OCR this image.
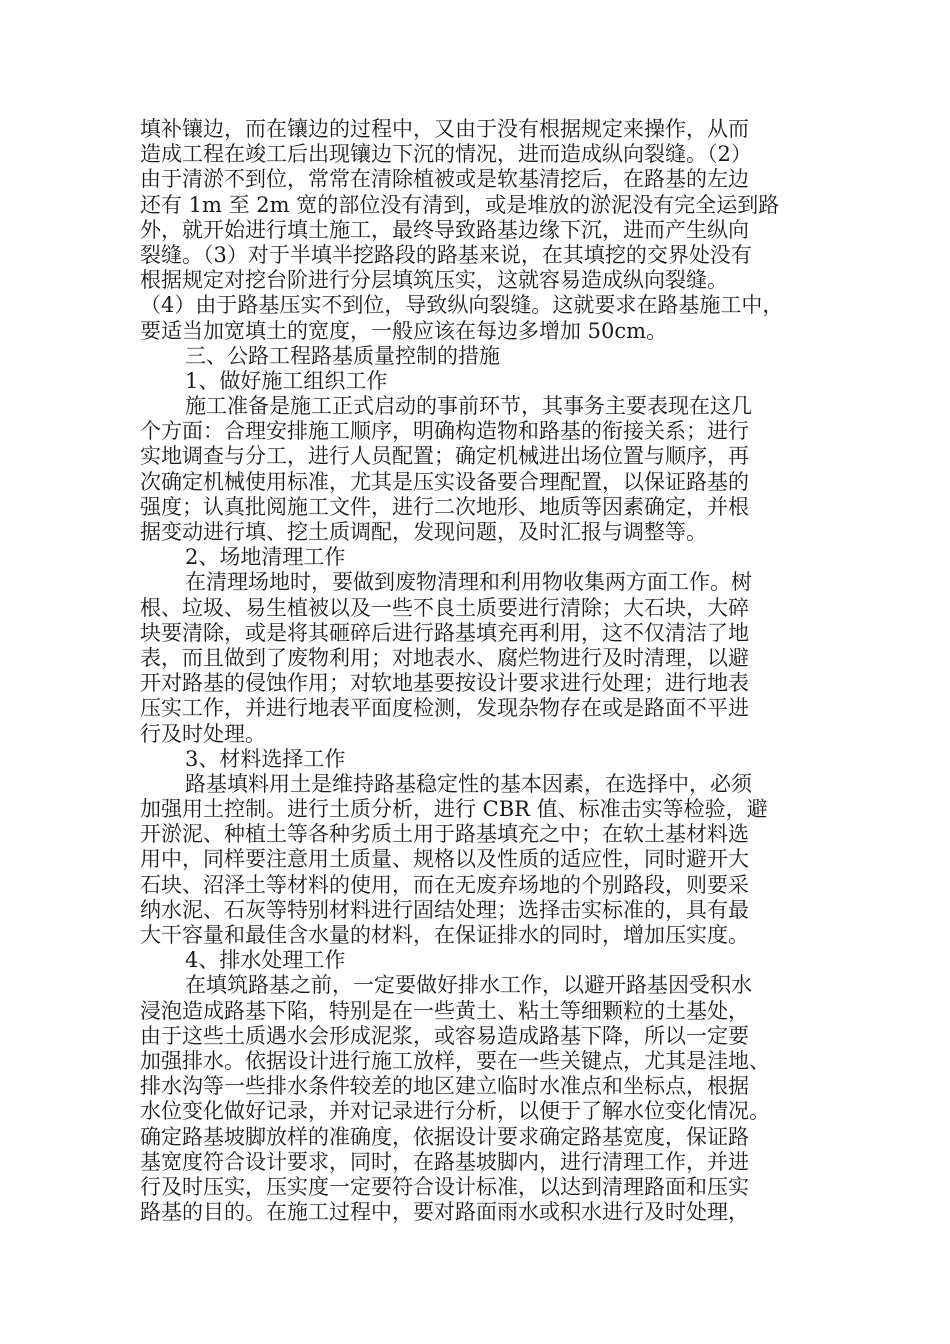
填补镶边，而在镶边的过程中，又由于没有根据规定来操作，从而
造成工程在竣工后出现镶边下沉的情况，进而造成纵向裂缝。（2）
由于清淤不到位，常常在清除植被或是软基清挖后，在路基的左边
还有 1m 至 2m 宽的部位没有清到，或是堆放的淤泥没有完全运到路
外，就开始进行填土施工，最终导致路基边缘下沉，进而产生纵向
裂缝。（3）对于半填半挖路段的路基来说，在其填挖的交界处没有
根据规定对挖台阶进行分层填筑压实，这就容易造成纵向裂缝。
（4）由于路基压实不到位，导致纵向裂缝。这就要求在路基施工中，
要适当加宽填土的宽度，一般应该在每边多增加 50cm。
三、公路工程路基质量控制的措施
1、做好施工组织工作
施工准备是施工正式启动的事前环节，其事务主要表现在这几
个方面：合理安排施工顺序，明确构造物和路基的衔接关系；进行
实地调查与分工，进行人员配置；确定机械进出场位置与顺序，再
次确定机械使用标准，尤其是压实设备要合理配置，以保证路基的
强度；认真批阅施工文件，进行二次地形、地质等因素确定，并根
据变动进行填、挖土质调配，发现问题，及时汇报与调整等。
2、场地清理工作
在清理场地时，要做到废物清理和利用物收集两方面工作。树
根、垃圾、易生植被以及一些不良土质要进行清除；大石块，大碎
块要清除，或是将其砸碎后进行路基填充再利用，这不仅清洁了地
表，而且做到了废物利用；对地表水、腐烂物进行及时清理，以避
开对路基的侵蚀作用；对软地基要按设计要求进行处理；进行地表
压实工作，并进行地表平面度检测，发现杂物存在或是路面不平进
行及时处理。
3、材料选择工作
路基填料用土是维持路基稳定性的基本因素，在选择中，必须
加强用土控制。进行土质分析，进行 CBR 值、标准击实等检验，避
开淤泥、种植土等各种劣质土用于路基填充之中；在软土基材料选
用中，同样要注意用土质量、规格以及性质的适应性，同时避开大
石块、沼泽土等材料的使用，而在无废弃场地的个别路段，则要采
纳水泥、石灰等特别材料进行固结处理；选择击实标准的，具有最
大干容量和最佳含水量的材料，在保证排水的同时，增加压实度。
4、排水处理工作
在填筑路基之前，一定要做好排水工作，以避开路基因受积水
浸泡造成路基下陷，特别是在一些黄土、粘土等细颗粒的土基处，
由于这些土质遇水会形成泥浆，或容易造成路基下降，所以一定要
加强排水。依据设计进行施工放样，要在一些关键点，尤其是洼地、
排水沟等一些排水条件较差的地区建立临时水准点和坐标点，根据
水位变化做好记录，并对记录进行分析，以便于了解水位变化情况。
确定路基坡脚放样的准确度，依据设计要求确定路基宽度，保证路
基宽度符合设计要求，同时，在路基坡脚内，进行清理工作，并进
行及时压实，压实度一定要符合设计标准，以达到清理路面和压实
路基的目的。在施工过程中，要对路面雨水或积水进行及时处理，
